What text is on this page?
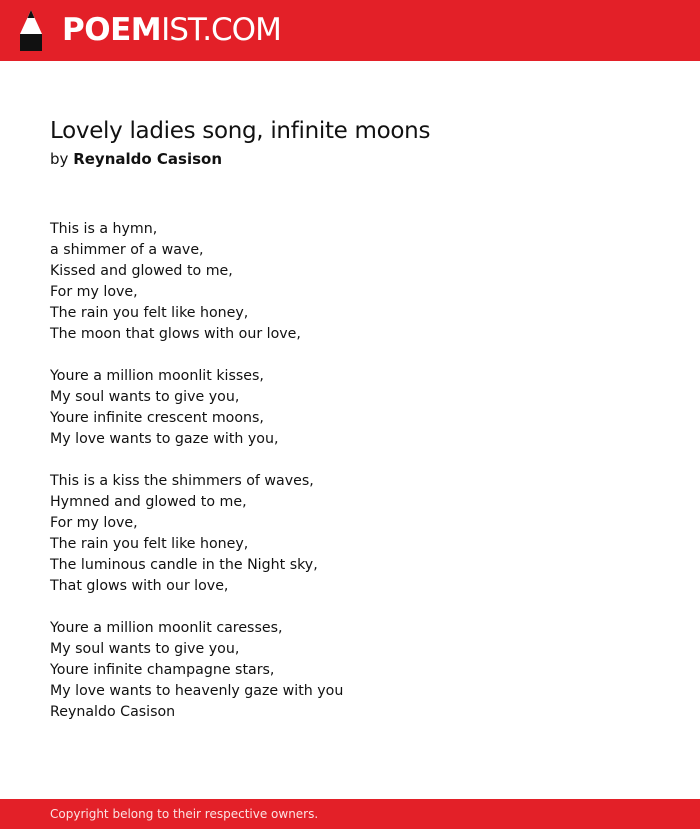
POEMIST.COM
Lovely ladies song, infinite moons
by Reynaldo Casison
This is a hymn,
a shimmer of a wave,
Kissed and glowed to me,
For my love,
The rain you felt like honey,
The moon that glows with our love,
Youre a million moonlit kisses,
My soul wants to give you,
Youre infinite crescent moons,
My love wants to gaze with you,
This is a kiss the shimmers of waves,
Hymned and glowed to me,
For my love,
The rain you felt like honey,
The luminous candle in the Night sky,
That glows with our love,
Youre a million moonlit caresses,
My soul wants to give you,
Youre infinite champagne stars,
My love wants to heavenly gaze with you
Reynaldo Casison
Copyright belong to their respective owners.
